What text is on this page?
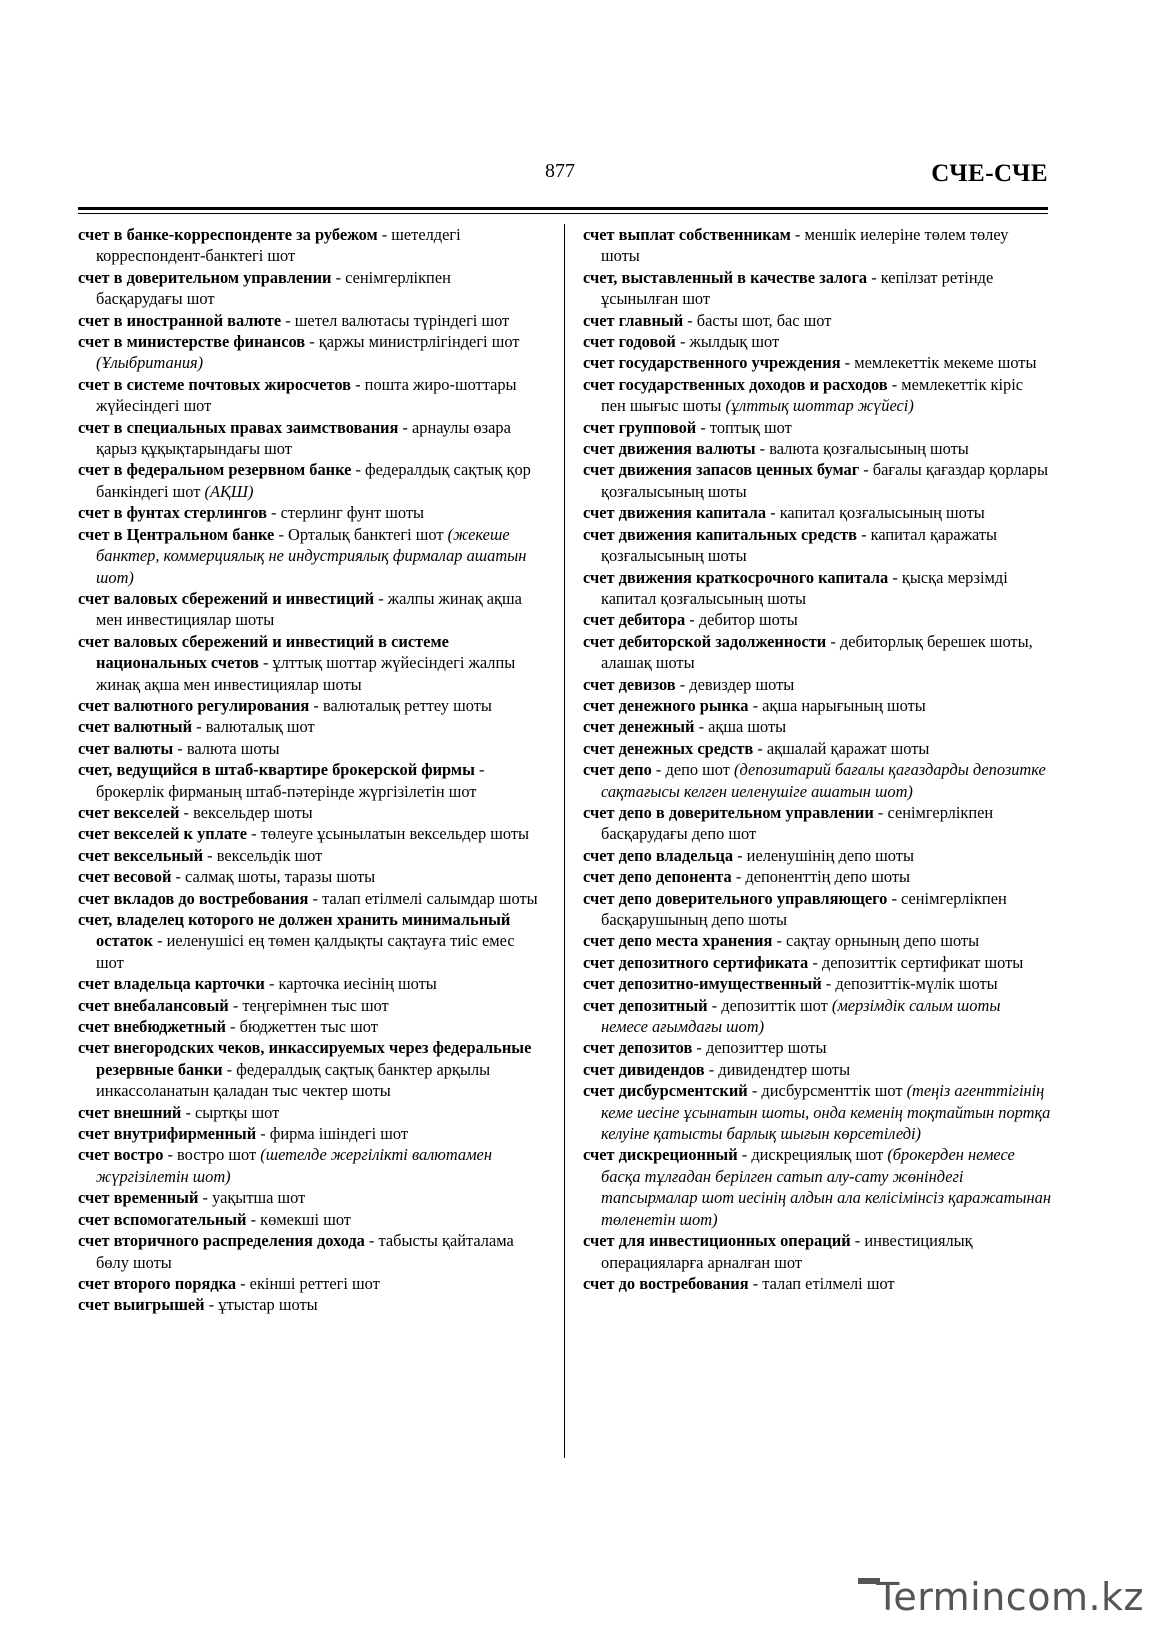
877	СЧЕ-СЧЕ

счет в банке-корреспонденте за рубежом - шетелдегі корреспондент-банктегі шот

счет в доверительном управлении - сенімгерлікпен басқарудағы шот

счет в иностранной валюте - шетел валютасы түріндегі шот

счет в министерстве финансов - қаржы министрлігіндегі шот (Ұлыбритания)

счет в системе почтовых жиросчетов - пошта жиро-шоттары жүйесіндегі шот

счет в специальных правах заимствования - арнаулы өзара қарыз құқықтарындағы шот

счет в федеральном резервном банке - федералдық сақтық қор банкіндегі шот (АҚШ)

счет в фунтах стерлингов - стерлинг фунт шоты

счет в Центральном банке - Орталық банктегі шот (жекеше банктер, коммерциялық не индустриялық фирмалар ашатын шот)

счет валовых сбережений и инвестиций - жалпы жинақ ақша мен инвестициялар шоты

счет валовых сбережений и инвестиций в системе национальных счетов - ұлттық шоттар жүйесіндегі жалпы жинақ ақша мен инвестициялар шоты

счет валютного регулирования - валюталық реттеу шоты

счет валютный - валюталық шот

счет валюты - валюта шоты

счет, ведущийся в штаб-квартире брокерской фирмы - брокерлік фирманың штаб-пәтерінде жүргізілетін шот

счет векселей - вексельдер шоты

счет векселей к уплате - төлеуге ұсынылатын вексельдер шоты

счет вексельный - вексельдік шот

счет весовой - салмақ шоты, таразы шоты

счет вкладов до востребования - талап етілмелі салымдар шоты

счет, владелец которого не должен хранить минимальный остаток - иеленушісі ең төмен қалдықты сақтауға тиіс емес шот

счет владельца карточки - карточка иесінің шоты

счет внебалансовый - теңгерімнен тыс шот

счет внебюджетный - бюджеттен тыс шот

счет внегородских чеков, инкассируемых через федеральные резервные банки - федералдық сақтық банктер арқылы инкассоланатын қаладан тыс чектер шоты

счет внешний - сыртқы шот

счет внутрифирменный - фирма ішіндегі шот

счет востро - востро шот (шетелде жергілікті валютамен жүргізілетін шот)

счет временный - уақытша шот

счет вспомогательный - көмекші шот

счет вторичного распределения дохода - табысты қайталама бөлу шоты

счет второго порядка - екінші реттегі шот

счет выигрышей - ұтыстар шоты

счет выплат собственникам - меншік иелеріне төлем төлеу шоты

счет, выставленный в качестве залога - кепілзат ретінде ұсынылған шот

счет главный - басты шот, бас шот

счет годовой - жылдық шот

счет государственного учреждения - мемлекеттік мекеме шоты

счет государственных доходов и расходов - мемлекеттік кіріс пен шығыс шоты (ұлттық шоттар жүйесі)

счет групповой - топтық шот

счет движения валюты - валюта қозғалысының шоты

счет движения запасов ценных бумаг - бағалы қағаздар қорлары қозғалысының шоты

счет движения капитала - капитал қозғалысының шоты

счет движения капитальных средств - капитал қаражаты қозғалысының шоты

счет движения краткосрочного капитала - қысқа мерзімді капитал қозғалысының шоты

счет дебитора - дебитор шоты

счет дебиторской задолженности - дебиторлық берешек шоты, алашақ шоты

счет девизов - девиздер шоты

счет денежного рынка - ақша нарығының шоты

счет денежный - ақша шоты

счет денежных средств - ақшалай қаражат шоты

счет депо - депо шот (депозитарий бағалы қағаздарды депозитке сақтағысы келген иеленушіге ашатын шот)

счет депо в доверительном управлении - сенімгерлікпен басқарудағы депо шот

счет депо владельца - иеленушінің депо шоты

счет депо депонента - депоненттің депо шоты

счет депо доверительного управляющего - сенімгерлікпен басқарушының депо шоты

счет депо места хранения - сақтау орнының депо шоты

счет депозитного сертификата - депозиттік сертификат шоты

счет депозитно-имущественный - депозиттік-мүлік шоты

счет депозитный - депозиттік шот (мерзімдік салым шоты немесе ағымдағы шот)

счет депозитов - депозиттер шоты

счет дивидендов - дивидендтер шоты

счет дисбурсментский - дисбурсменттік шот (теңіз агенттігінің кеме иесіне ұсынатын шоты, онда кеменің тоқтайтын портқа келуіне қатысты барлық шығын көрсетіледі)

счет дискреционный - дискрециялық шот (брокерден немесе басқа тұлғадан берілген сатып алу-сату жөніндегі тапсырмалар шот иесінің алдын ала келісімінсіз қаражатынан төленетін шот)

счет для инвестиционных операций - инвестициялық операцияларға арналған шот

счет до востребования - талап етілмелі шот

Termincom.kz
